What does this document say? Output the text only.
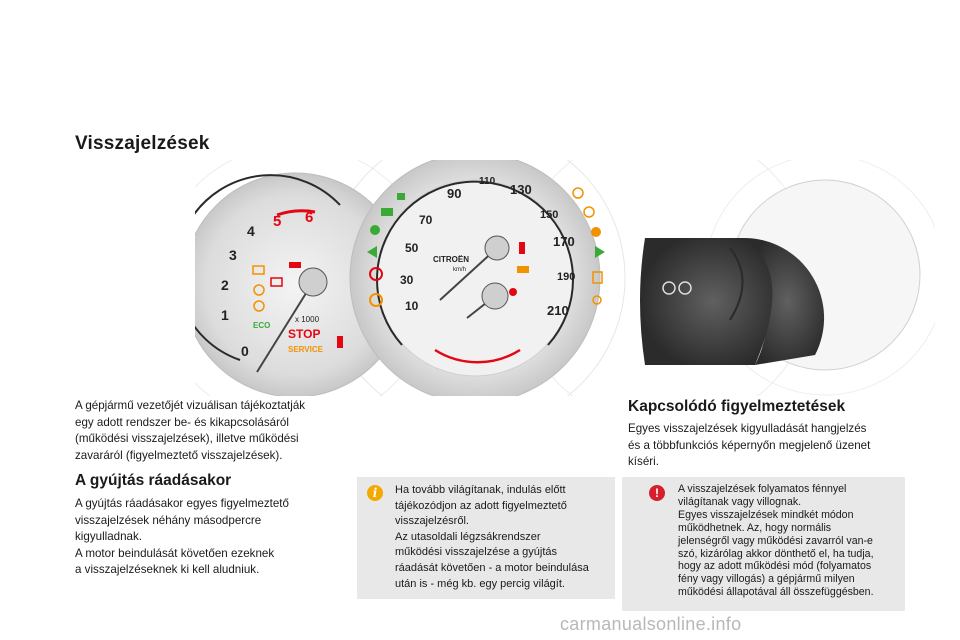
Visszajelzések
0
1
2
3
4
5 6
x 1000
STOP
SERVICE
ECO
10
30
50
70
90
110
130
150
170
190
210
CITROËN
km/h
A gépjármű vezetőjét vizuálisan tájékoztatják
egy adott rendszer be- és kikapcsolásáról
(működési visszajelzések), illetve működési
zavaráról (figyelmeztető visszajelzések).
A gyújtás ráadásakor
A gyújtás ráadásakor egyes figyelmeztető
visszajelzések néhány másodpercre
kigyulladnak.
A motor beindulását követően ezeknek
a visszajelzéseknek ki kell aludniuk.
i	Ha tovább világítanak, indulás előtt
tájékozódjon az adott figyelmeztető
visszajelzésről.
Az utasoldali légzsákrendszer
működési visszajelzése a gyújtás
ráadását követően - a motor beindulása
után is - még kb. egy percig világít.
Kapcsolódó figyelmeztetések
Egyes visszajelzések kigyulladását hangjelzés
és a többfunkciós képernyőn megjelenő üzenet
kíséri.
!	A visszajelzések folyamatos fénnyel
világítanak vagy villognak.
Egyes visszajelzések mindkét módon
működhetnek. Az, hogy normális
jelenségről vagy működési zavarról van-e
szó, kizárólag akkor dönthető el, ha tudja,
hogy az adott működési mód (folyamatos
fény vagy villogás) a gépjármű milyen
működési állapotával áll összefüggésben.
carmanualsonline.info
